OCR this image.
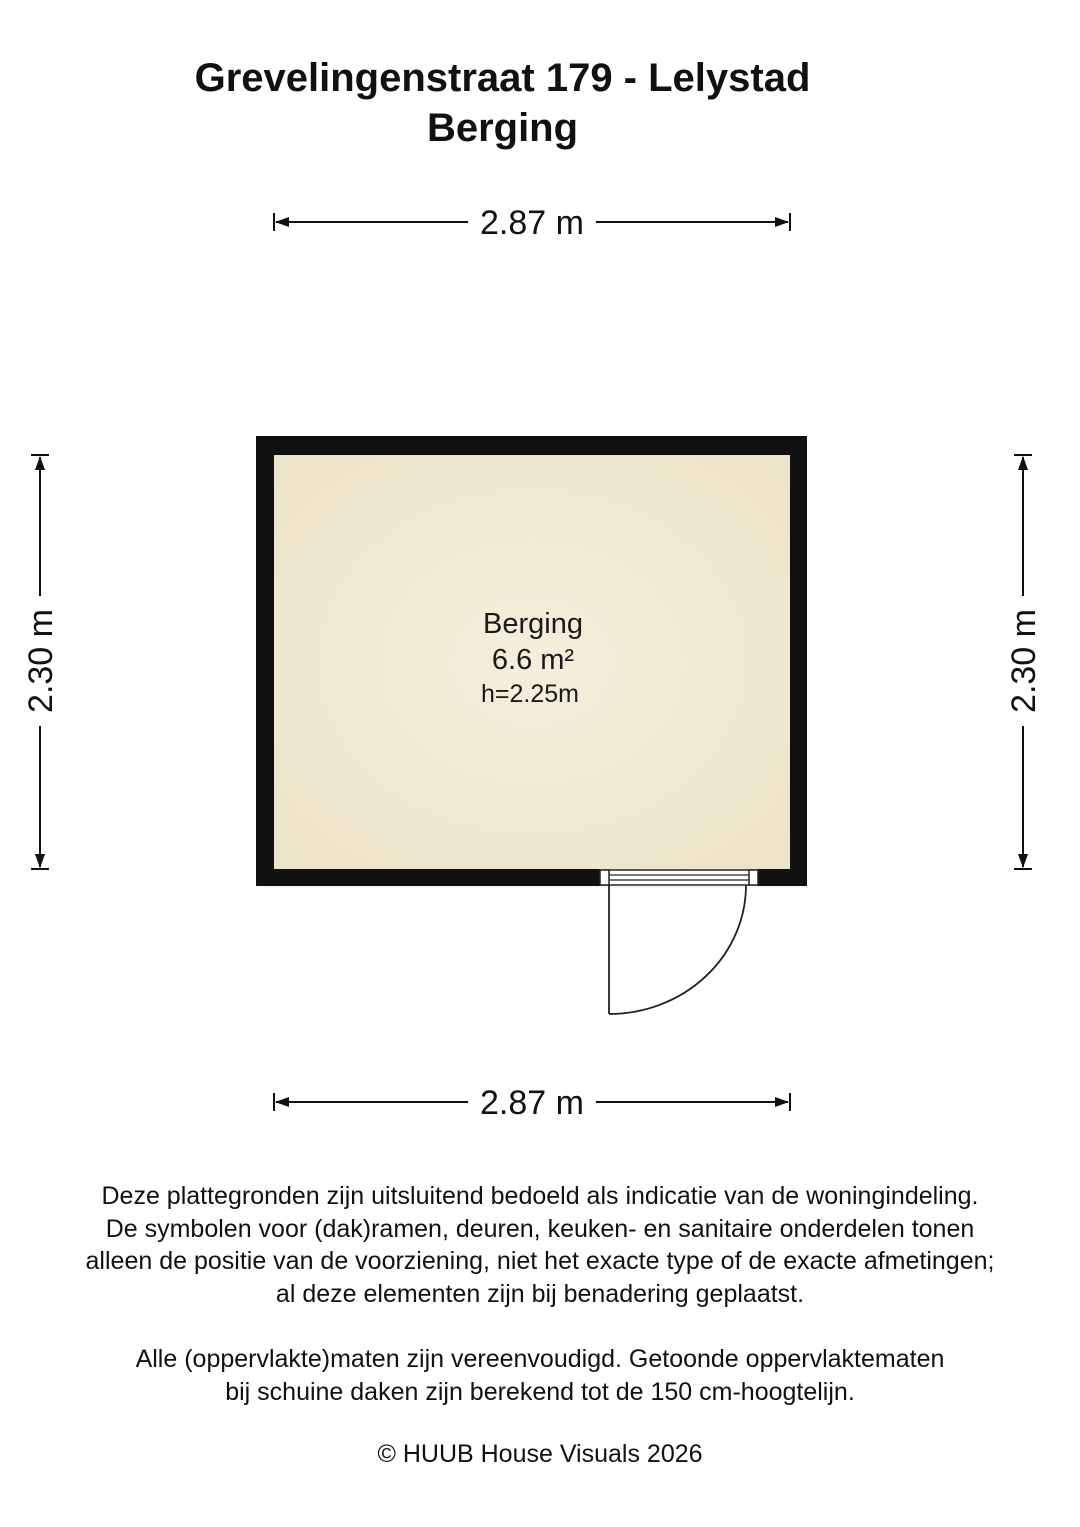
Grevelingenstraat 179 - Lelystad
Berging
2.87 m
2.87 m
2.30 m	2.30 m
Berging
6.6 m²
h=2.25m
Deze plattegronden zijn uitsluitend bedoeld als indicatie van de woningindeling.
De symbolen voor (dak)ramen, deuren, keuken- en sanitaire onderdelen tonen
alleen de positie van de voorziening, niet het exacte type of de exacte afmetingen;
al deze elementen zijn bij benadering geplaatst.
Alle (oppervlakte)maten zijn vereenvoudigd. Getoonde oppervlaktematen
bij schuine daken zijn berekend tot de 150 cm-hoogtelijn.
© HUUB House Visuals 2026
